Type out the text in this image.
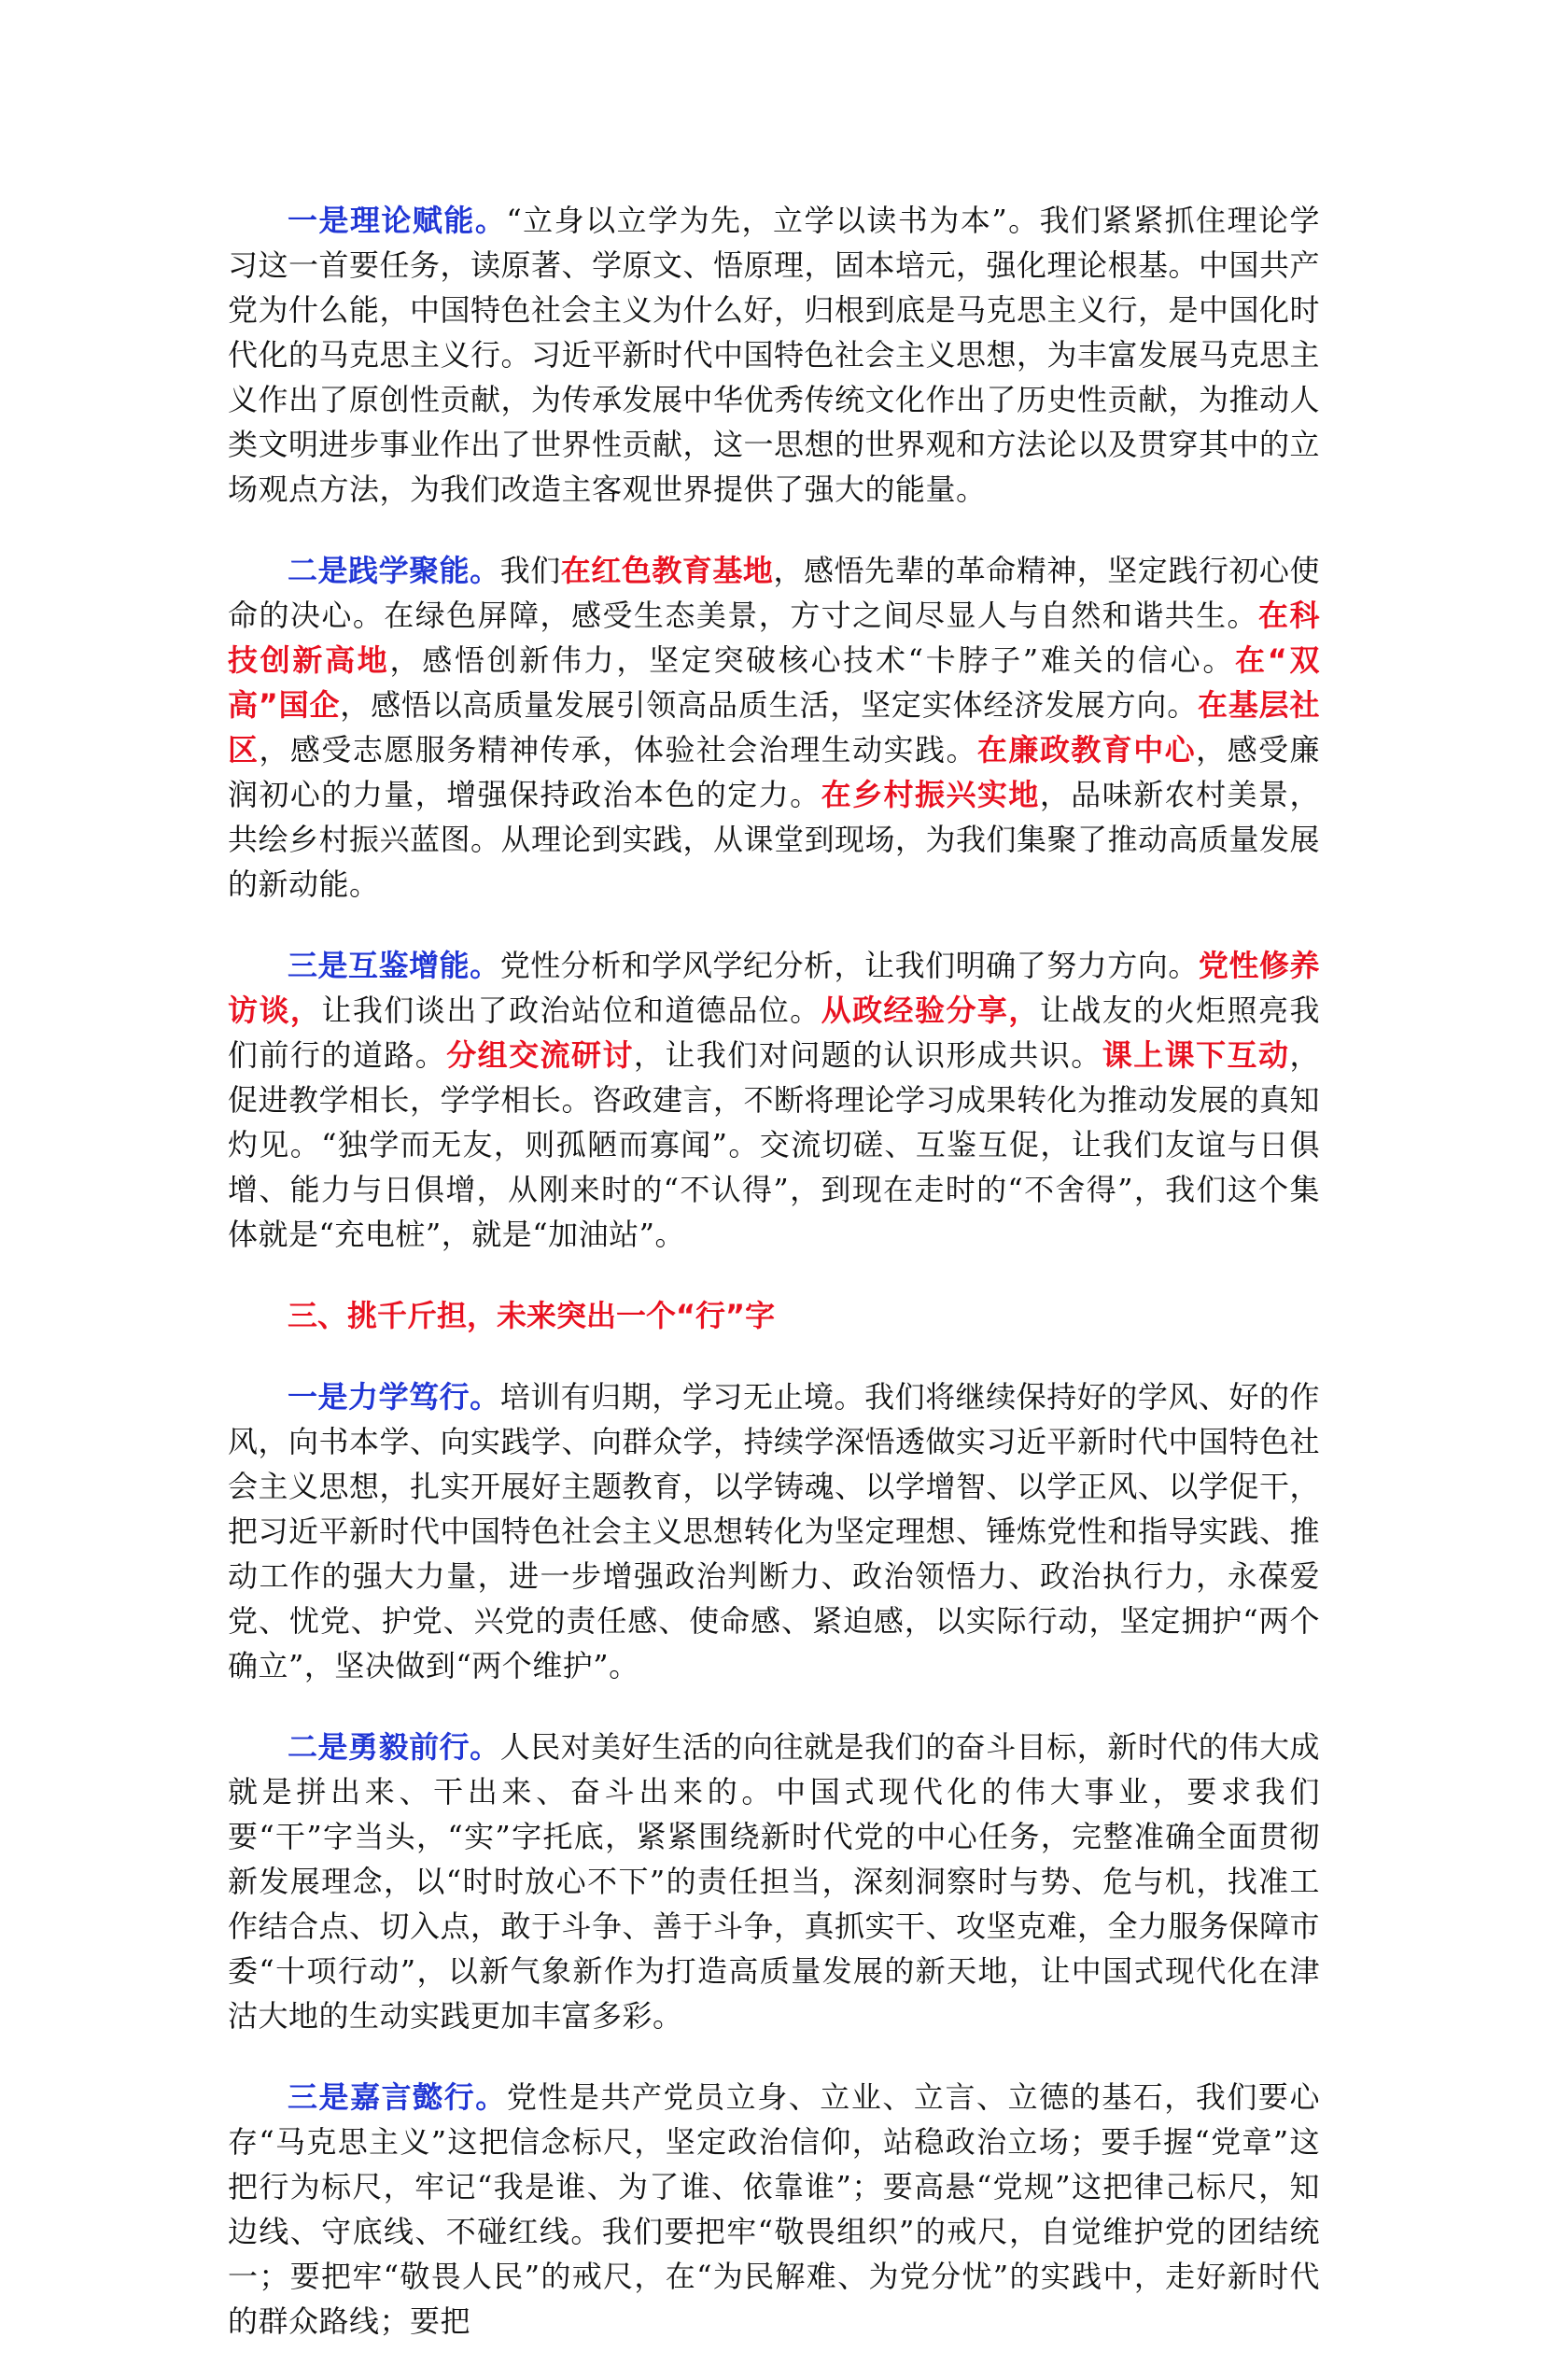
一是理论赋能。“立身以立学为先，立学以读书为本”。我们紧紧抓住理论学习这一首要任务，读原著、学原文、悟原理，固本培元，强化理论根基。中国共产党为什么能，中国特色社会主义为什么好，归根到底是马克思主义行，是中国化时代化的马克思主义行。习近平新时代中国特色社会主义思想，为丰富发展马克思主义作出了原创性贡献，为传承发展中华优秀传统文化作出了历史性贡献，为推动人类文明进步事业作出了世界性贡献，这一思想的世界观和方法论以及贯穿其中的立场观点方法，为我们改造主客观世界提供了强大的能量。

二是践学聚能。我们在红色教育基地，感悟先辈的革命精神，坚定践行初心使命的决心。在绿色屏障，感受生态美景，方寸之间尽显人与自然和谐共生。在科技创新高地，感悟创新伟力，坚定突破核心技术“卡脖子”难关的信心。在“双高”国企，感悟以高质量发展引领高品质生活，坚定实体经济发展方向。在基层社区，感受志愿服务精神传承，体验社会治理生动实践。在廉政教育中心，感受廉润初心的力量，增强保持政治本色的定力。在乡村振兴实地，品味新农村美景，共绘乡村振兴蓝图。从理论到实践，从课堂到现场，为我们集聚了推动高质量发展的新动能。

三是互鉴增能。党性分析和学风学纪分析，让我们明确了努力方向。党性修养访谈，让我们谈出了政治站位和道德品位。从政经验分享，让战友的火炬照亮我们前行的道路。分组交流研讨，让我们对问题的认识形成共识。课上课下互动，促进教学相长，学学相长。咨政建言，不断将理论学习成果转化为推动发展的真知灼见。“独学而无友，则孤陋而寡闻”。交流切磋、互鉴互促，让我们友谊与日俱增、能力与日俱增，从刚来时的“不认得”，到现在走时的“不舍得”，我们这个集体就是“充电桩”，就是“加油站”。

三、挑千斤担，未来突出一个“行”字

一是力学笃行。培训有归期，学习无止境。我们将继续保持好的学风、好的作风，向书本学、向实践学、向群众学，持续学深悟透做实习近平新时代中国特色社会主义思想，扎实开展好主题教育，以学铸魂、以学增智、以学正风、以学促干，把习近平新时代中国特色社会主义思想转化为坚定理想、锤炼党性和指导实践、推动工作的强大力量，进一步增强政治判断力、政治领悟力、政治执行力，永葆爱党、忧党、护党、兴党的责任感、使命感、紧迫感，以实际行动，坚定拥护“两个确立”，坚决做到“两个维护”。

二是勇毅前行。人民对美好生活的向往就是我们的奋斗目标，新时代的伟大成就是拼出来、干出来、奋斗出来的。中国式现代化的伟大事业，要求我们要“干”字当头，“实”字托底，紧紧围绕新时代党的中心任务，完整准确全面贯彻新发展理念，以“时时放心不下”的责任担当，深刻洞察时与势、危与机，找准工作结合点、切入点，敢于斗争、善于斗争，真抓实干、攻坚克难，全力服务保障市委“十项行动”，以新气象新作为打造高质量发展的新天地，让中国式现代化在津沽大地的生动实践更加丰富多彩。

三是嘉言懿行。党性是共产党员立身、立业、立言、立德的基石，我们要心存“马克思主义”这把信念标尺，坚定政治信仰，站稳政治立场；要手握“党章”这把行为标尺，牢记“我是谁、为了谁、依靠谁”；要高悬“党规”这把律己标尺，知边线、守底线、不碰红线。我们要把牢“敬畏组织”的戒尺，自觉维护党的团结统一；要把牢“敬畏人民”的戒尺，在“为民解难、为党分忧”的实践中，走好新时代的群众路线；要把
